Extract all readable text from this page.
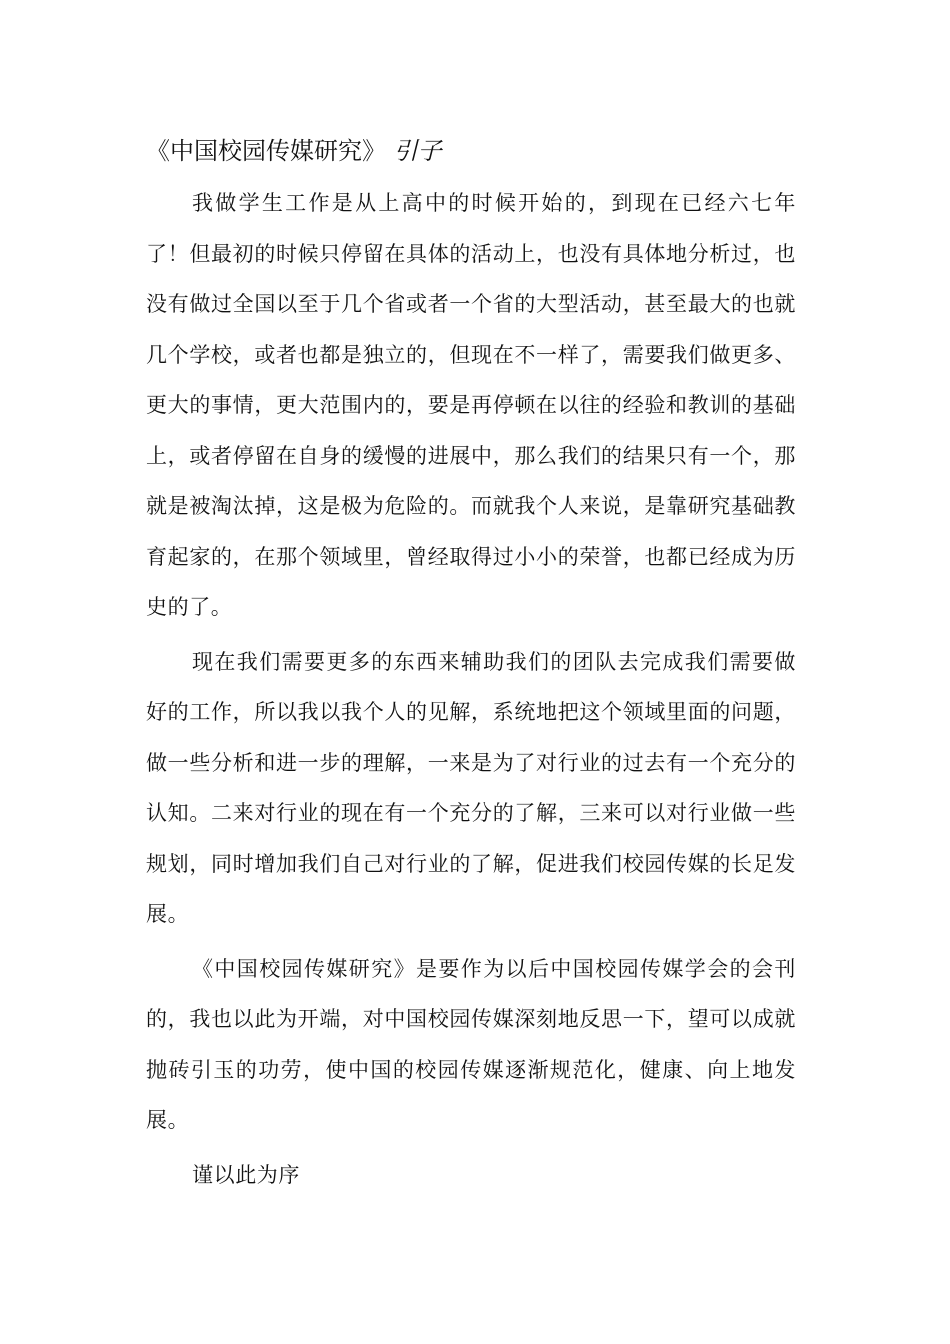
《中国校园传媒研究》 引子

我做学生工作是从上高中的时候开始的，到现在已经六七年了！但最初的时候只停留在具体的活动上，也没有具体地分析过，也没有做过全国以至于几个省或者一个省的大型活动，甚至最大的也就几个学校，或者也都是独立的，但现在不一样了，需要我们做更多、更大的事情，更大范围内的，要是再停顿在以往的经验和教训的基础上，或者停留在自身的缓慢的进展中，那么我们的结果只有一个，那就是被淘汰掉，这是极为危险的。而就我个人来说，是靠研究基础教育起家的，在那个领域里，曾经取得过小小的荣誉，也都已经成为历史的了。

现在我们需要更多的东西来辅助我们的团队去完成我们需要做好的工作，所以我以我个人的见解，系统地把这个领域里面的问题，做一些分析和进一步的理解，一来是为了对行业的过去有一个充分的认知。二来对行业的现在有一个充分的了解，三来可以对行业做一些规划，同时增加我们自己对行业的了解，促进我们校园传媒的长足发展。

《中国校园传媒研究》是要作为以后中国校园传媒学会的会刊的，我也以此为开端，对中国校园传媒深刻地反思一下，望可以成就抛砖引玉的功劳，使中国的校园传媒逐渐规范化，健康、向上地发展。

谨以此为序
